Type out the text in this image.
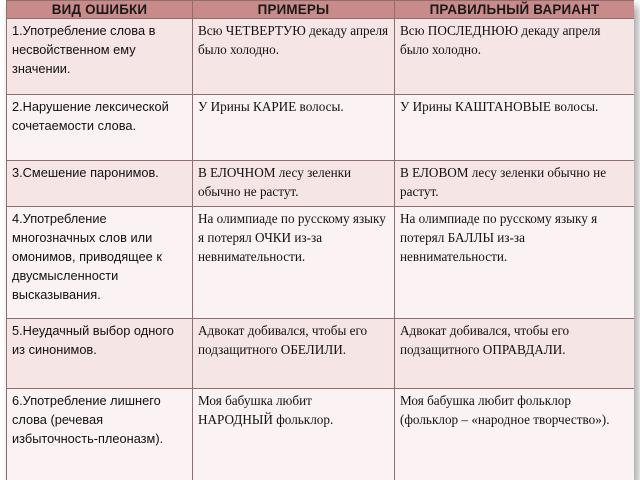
ВИД ОШИБКИ	ПРИМЕРЫ	ПРАВИЛЬНЫЙ ВАРИАНТ
1.Употребление слова в несвойственном ему значении.	Всю ЧЕТВЕРТУЮ декаду апреля было холодно.	Всю ПОСЛЕДНЮЮ декаду апреля было холодно.
2.Нарушение лексической сочетаемости слова.	У Ирины КАРИЕ волосы.	У Ирины КАШТАНОВЫЕ волосы.
3.Смешение паронимов.	В ЕЛОЧНОМ лесу зеленки обычно не растут.	В ЕЛОВОМ лесу зеленки обычно не растут.
4.Употребление многозначных слов или омонимов, приводящее к двусмысленности высказывания.	На олимпиаде по русскому языку я потерял ОЧКИ из-за невнимательности.	На олимпиаде по русскому языку я потерял БАЛЛЫ из-за невнимательности.
5.Неудачный выбор одного из синонимов.	Адвокат добивался, чтобы его подзащитного ОБЕЛИЛИ.	Адвокат добивался, чтобы его подзащитного ОПРАВДАЛИ.
6.Употребление лишнего слова (речевая избыточность-плеоназм).	Моя бабушка любит НАРОДНЫЙ фольклор.	Моя бабушка любит фольклор (фольклор – «народное творчество»).
